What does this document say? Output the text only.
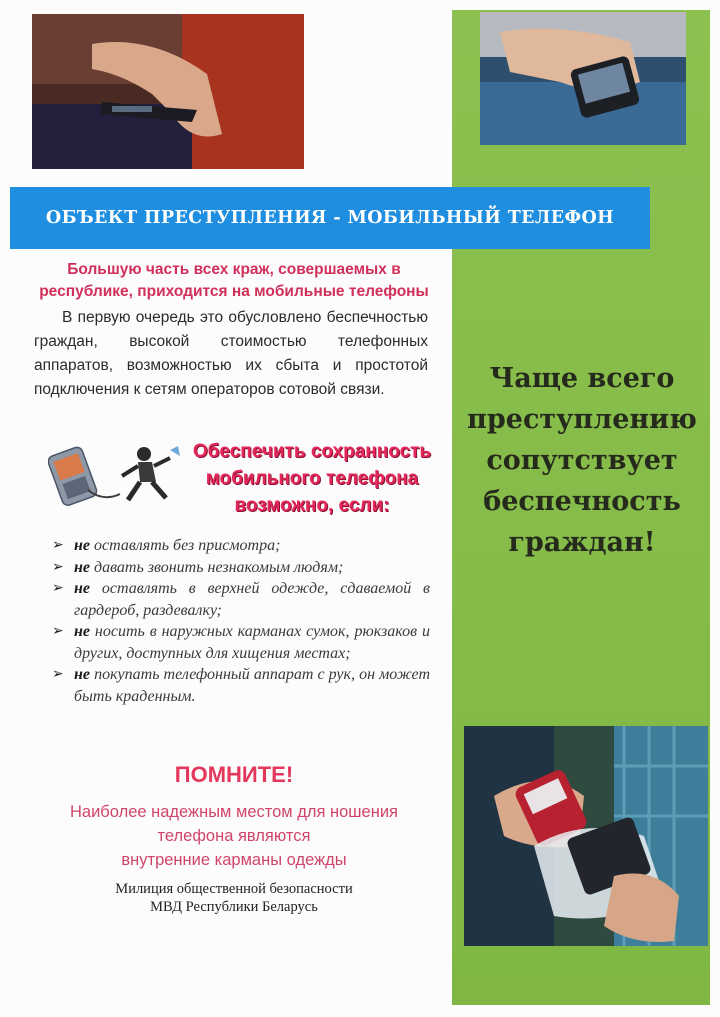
ОБЪЕКТ ПРЕСТУПЛЕНИЯ - МОБИЛЬНЫЙ ТЕЛЕФОН
Большую часть всех краж, совершаемых в
республике, приходится на мобильные телефоны
В первую очередь это обусловлено беспечностью граждан, высокой стоимостью телефонных аппаратов, возможностью их сбыта и простотой подключения к сетям операторов сотовой связи.
Обеспечить сохранность
мобильного телефона
возможно, если:
➢ не оставлять без присмотра;
➢ не давать звонить незнакомым людям;
➢ не оставлять в верхней одежде, сдаваемой в гардероб, раздевалку;
➢ не носить в наружных карманах сумок, рюкзаков и других, доступных для хищения местах;
➢ не покупать телефонный аппарат с рук, он может быть краденным.
ПОМНИТЕ!
Наиболее надежным местом для ношения
телефона являются
внутренние карманы одежды
Милиция общественной безопасности
МВД Республики Беларусь
Чаще всего
преступлению
сопутствует
беспечность
граждан!
